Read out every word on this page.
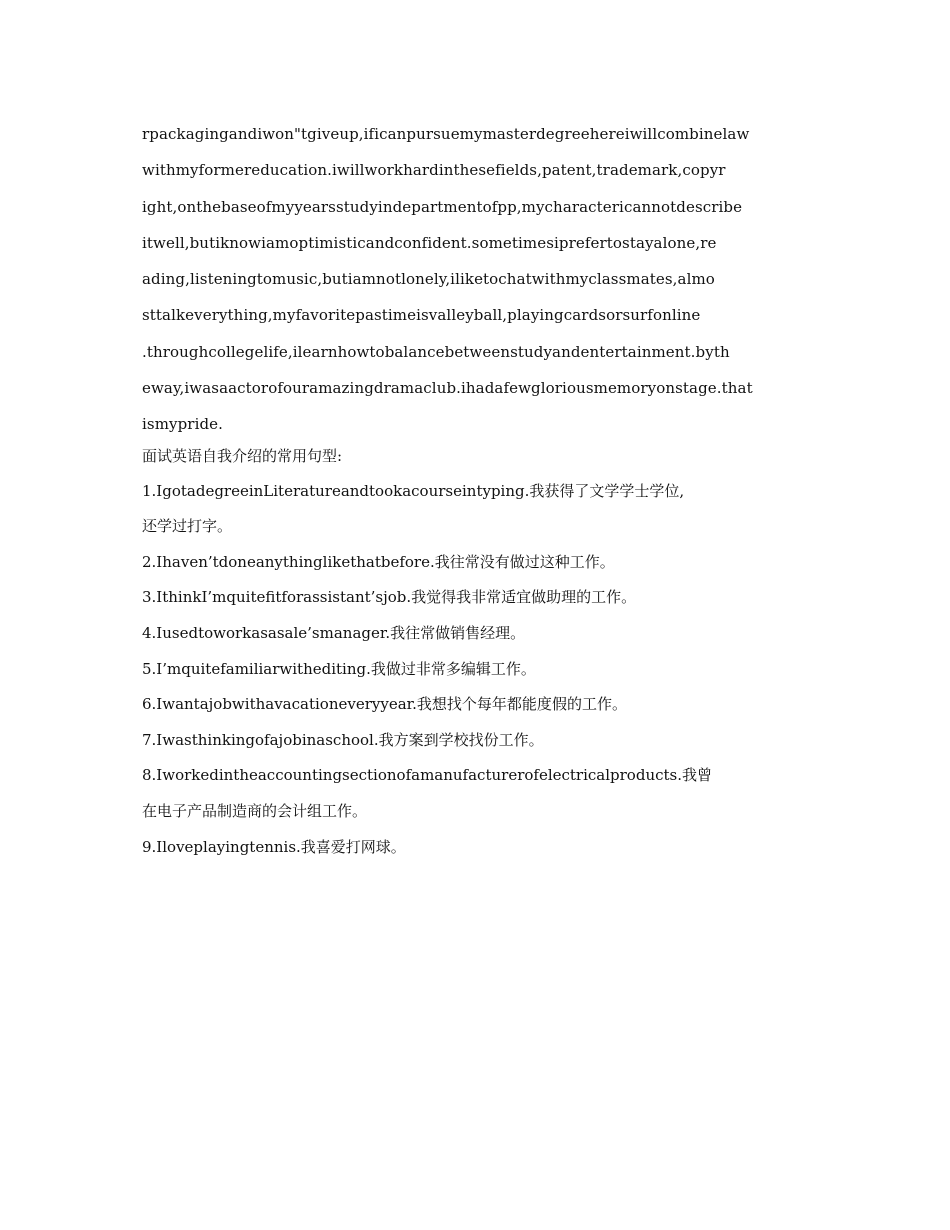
rpackagingandiwon"tgiveup,ificanpursuemymasterdegreehereiwillcombinelaw
withmyformereducation.iwillworkhardinthesefields,patent,trademark,copyr
ight,onthebaseofmyyearsstudyindepartmentofpp,mycharactericannotdescribe
itwell,butiknowiamoptimisticandconfident.sometimesiprefertostayalone,re
ading,listeningtomusic,butiamnotlonely,iliketochatwithmyclassmates,almo
sttalkeverything,myfavoritepastimeisvalleyball,playingcardsorsurfonline
.throughcollegelife,ilearnhowtobalancebetweenstudyandentertainment.byth
eway,iwasaactorofouramazingdramaclub.ihadafewgloriousmemoryonstage.that
ismypride.
面试英语自我介绍的常用句型:
1.IgotadegreeinLiteratureandtookacourseintyping.我获得了文学学士学位,
还学过打字。
2.Ihaven’tdoneanythinglikethatbefore.我往常没有做过这种工作。
3.IthinkI’mquitefitforassistant’sjob.我觉得我非常适宜做助理的工作。
4.Iusedtoworkasasale’smanager.我往常做销售经理。
5.I’mquitefamiliarwithediting.我做过非常多编辑工作。
6.Iwantajobwithavacationeveryyear.我想找个每年都能度假的工作。
7.Iwasthinkingofajobinaschool.我方案到学校找份工作。
8.Iworkedintheaccountingsectionofamanufacturerofelectricalproducts.我曾
在电子产品制造商的会计组工作。
9.Iloveplayingtennis.我喜爱打网球。
